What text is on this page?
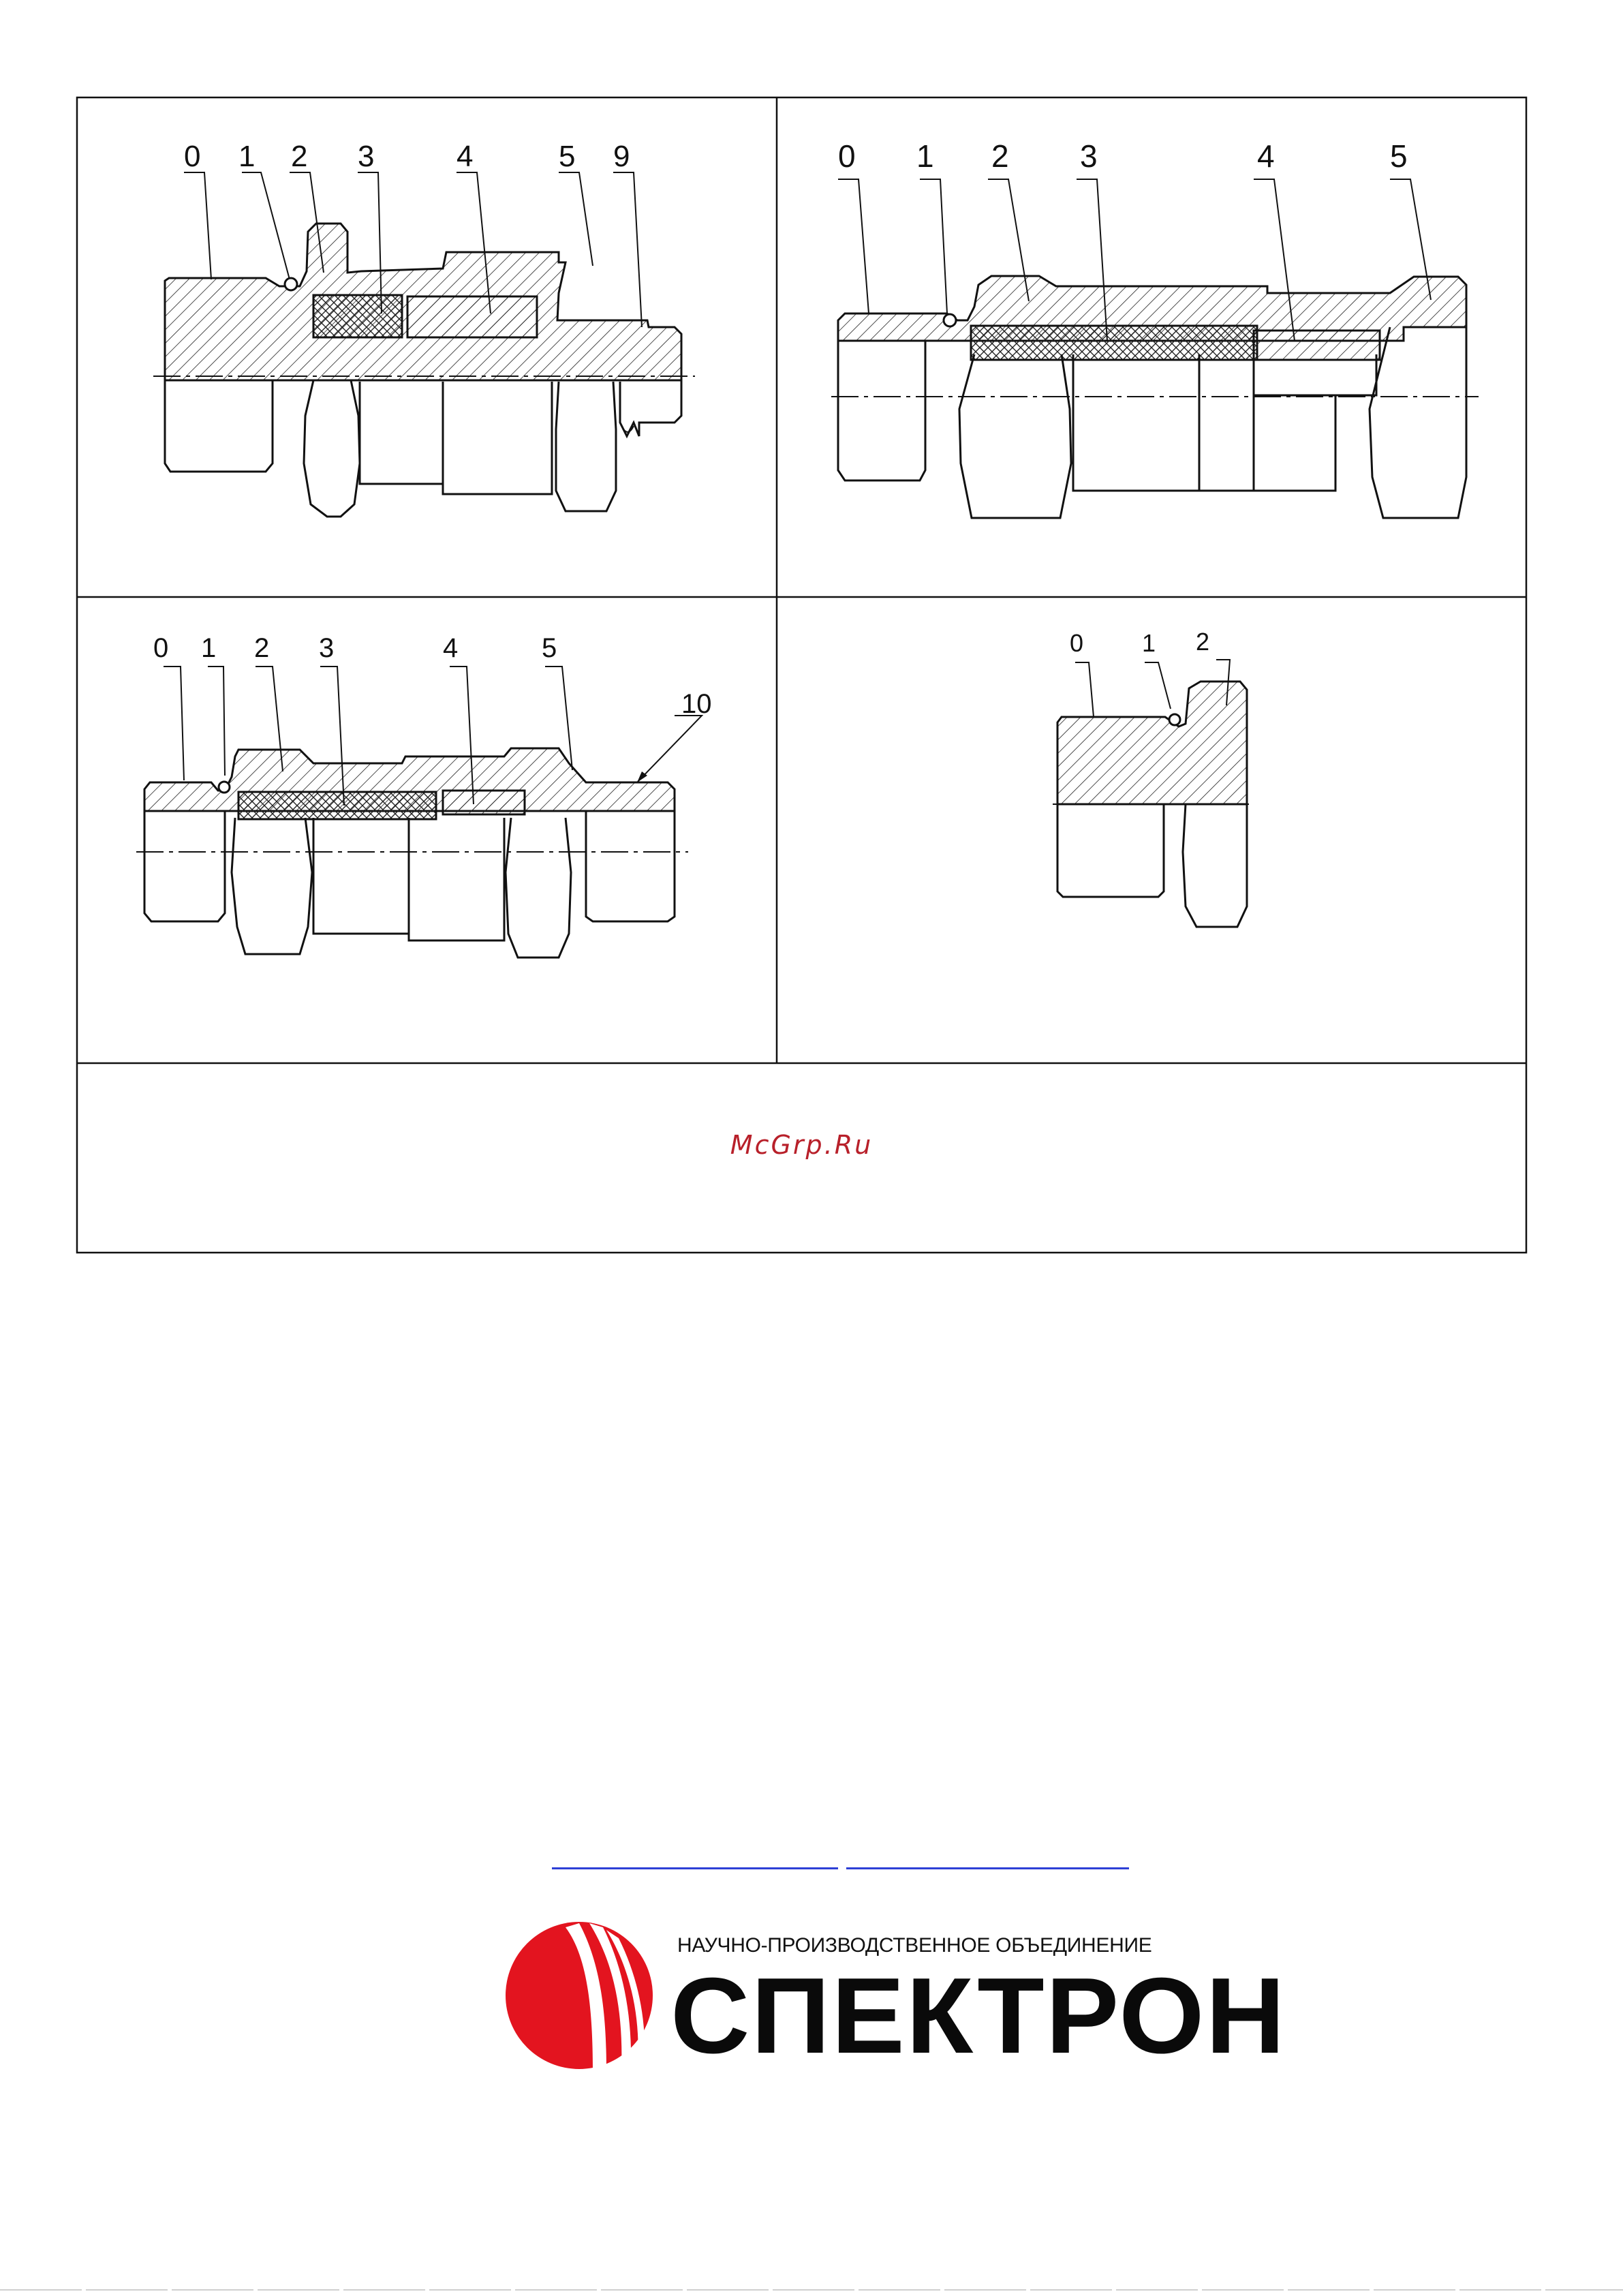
0 1 2 3	4	5 9	0 1 2 3	4	5
0 1 2 3	4	5
10
0 1 2
McGrp.Ru
НАУЧНО-ПРОИЗВОДСТВЕННОЕ ОБЪЕДИНЕНИЕ
СПЕКТРОН
